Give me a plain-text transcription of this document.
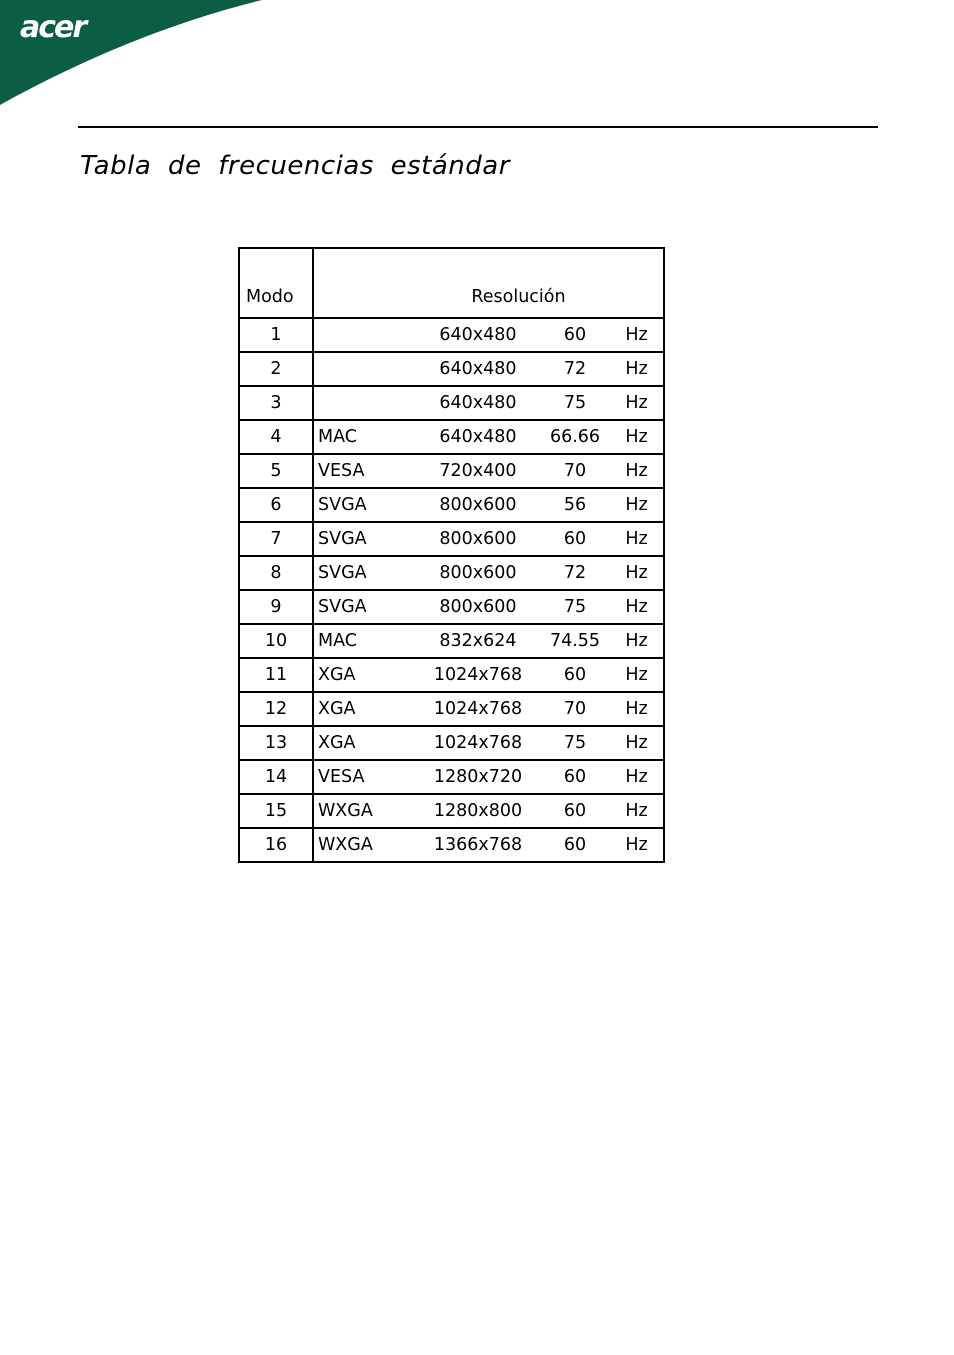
acer
Tabla de frecuencias estándar
Modo	Resolución
1	640x480 60 Hz

2	640x480 72 Hz

3	640x480 75 Hz

4	MAC 640x480 66.66 Hz

5	VESA 720x400 70 Hz

6	SVGA 800x600 56 Hz

7	SVGA 800x600 60 Hz

8	SVGA 800x600 72 Hz

9	SVGA 800x600 75 Hz

10	MAC 832x624 74.55 Hz

11	XGA 1024x768 60 Hz

12	XGA 1024x768 70 Hz

13	XGA 1024x768 75 Hz

14	VESA 1280x720 60 Hz

15	WXGA 1280x800 60 Hz

16	WXGA 1366x768 60 Hz
